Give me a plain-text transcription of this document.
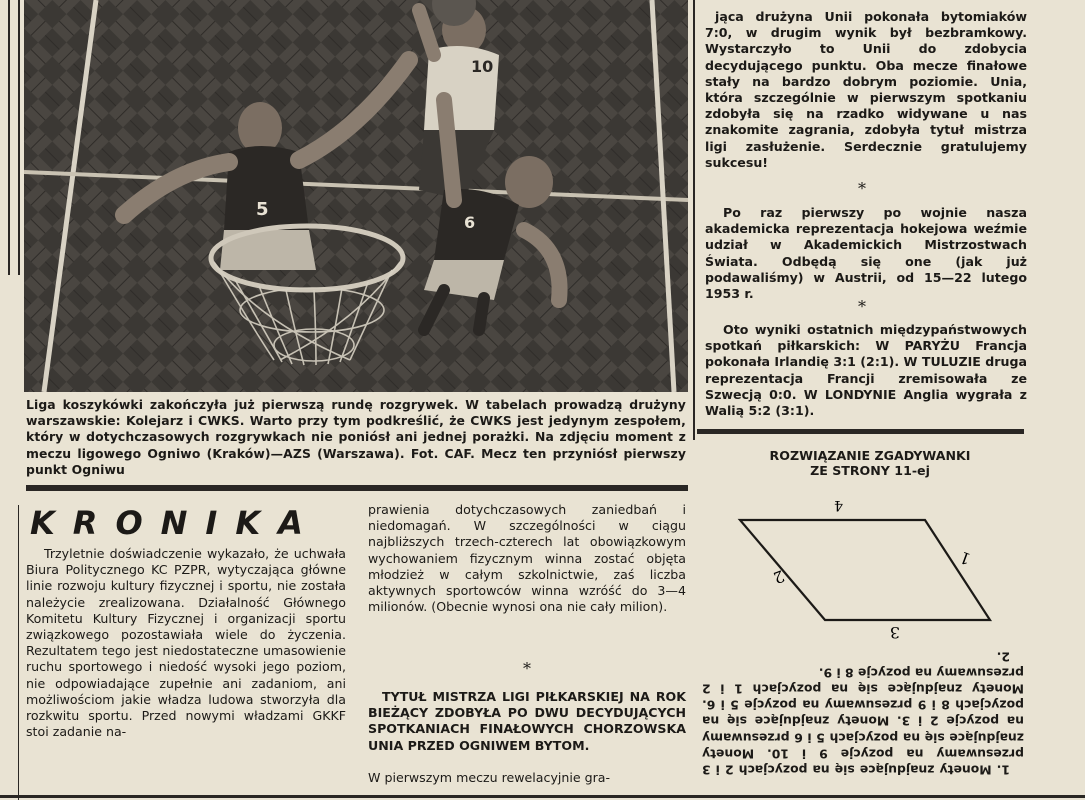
5
10
6

Liga koszykówki zakończyła już pierwszą rundę rozgrywek. W tabelach prowadzą drużyny warszawskie: Kolejarz i CWKS. Warto przy tym podkreślić, że CWKS jest jedynym zespołem, który w dotychczasowych rozgrywkach nie poniósł ani jednej porażki. Na zdjęciu moment z meczu ligowego Ogniwo (Kraków)—AZS (Warszawa). Fot. CAF. Mecz ten przyniósł pierwszy punkt Ogniwu

jąca drużyna Unii pokonała bytomiaków 7:0, w drugim wynik był bezbramkowy. Wystarczyło to Unii do zdobycia decydującego punktu. Oba mecze finałowe stały na bardzo dobrym poziomie. Unia, która szczególnie w pierwszym spotkaniu zdobyła się na rzadko widywane u nas znakomite zagrania, zdobyła tytuł mistrza ligi zasłużenie. Serdecznie gratulujemy sukcesu!

*

Po raz pierwszy po wojnie nasza akademicka reprezentacja hokejowa weźmie udział w Akademickich Mistrzostwach Świata. Odbędą się one (jak już podawaliśmy) w Austrii, od 15—22 lutego 1953 r.

*

Oto wyniki ostatnich międzypaństwowych spotkań piłkarskich: W PARYŻU Francja pokonała Irlandię 3:1 (2:1). W TULUZIE druga reprezentacja Francji zremisowała ze Szwecją 0:0. W LONDYNIE Anglia wygrała z Walią 5:2 (3:1).

ROZWIĄZANIE ZGADYWANKI
ZE STRONY 11-ej
4
1
2
3

1. Monety znajdujące się na pozycjach 2 i 3 przesuwamy na pozycje 9 i 10. Monety znajdujące się na pozycjach 5 i 6 przesuwamy na pozycje 2 i 3. Monety znajdujące się na pozycjach 8 i 9 przesuwamy na pozycje 5 i 6. Monety znajdujące się na pozycjach 1 i 2 przesuwamy na pozycje 8 i 9.

2.

KRONIKA

Trzyletnie doświadczenie wykazało, że uchwała Biura Politycznego KC PZPR, wytyczająca główne linie rozwoju kultury fizycznej i sportu, nie została należycie zrealizowana. Działalność Głównego Komitetu Kultury Fizycznej i organizacji sportu związkowego pozostawiała wiele do życzenia. Rezultatem tego jest niedostateczne umasowienie ruchu sportowego i niedość wysoki jego poziom, nie odpowiadające zupełnie ani zadaniom, ani możliwościom jakie władza ludowa stworzyła dla rozkwitu sportu. Przed nowymi władzami GKKF stoi zadanie na-

prawienia dotychczasowych zaniedbań i niedomagań. W szczególności w ciągu najbliższych trzech-czterech lat obowiązkowym wychowaniem fizycznym winna zostać objęta młodzież w całym szkolnictwie, zaś liczba aktywnych sportowców winna wzróść do 3—4 milionów. (Obecnie wynosi ona nie cały milion).

*

TYTUŁ MISTRZA LIGI PIŁKARSKIEJ NA ROK BIEŻĄCY ZDOBYŁA PO DWU DECYDUJĄCYCH SPOTKANIACH FINAŁOWYCH CHORZOWSKA UNIA PRZED OGNIWEM BYTOM.

W pierwszym meczu rewelacyjnie gra-
